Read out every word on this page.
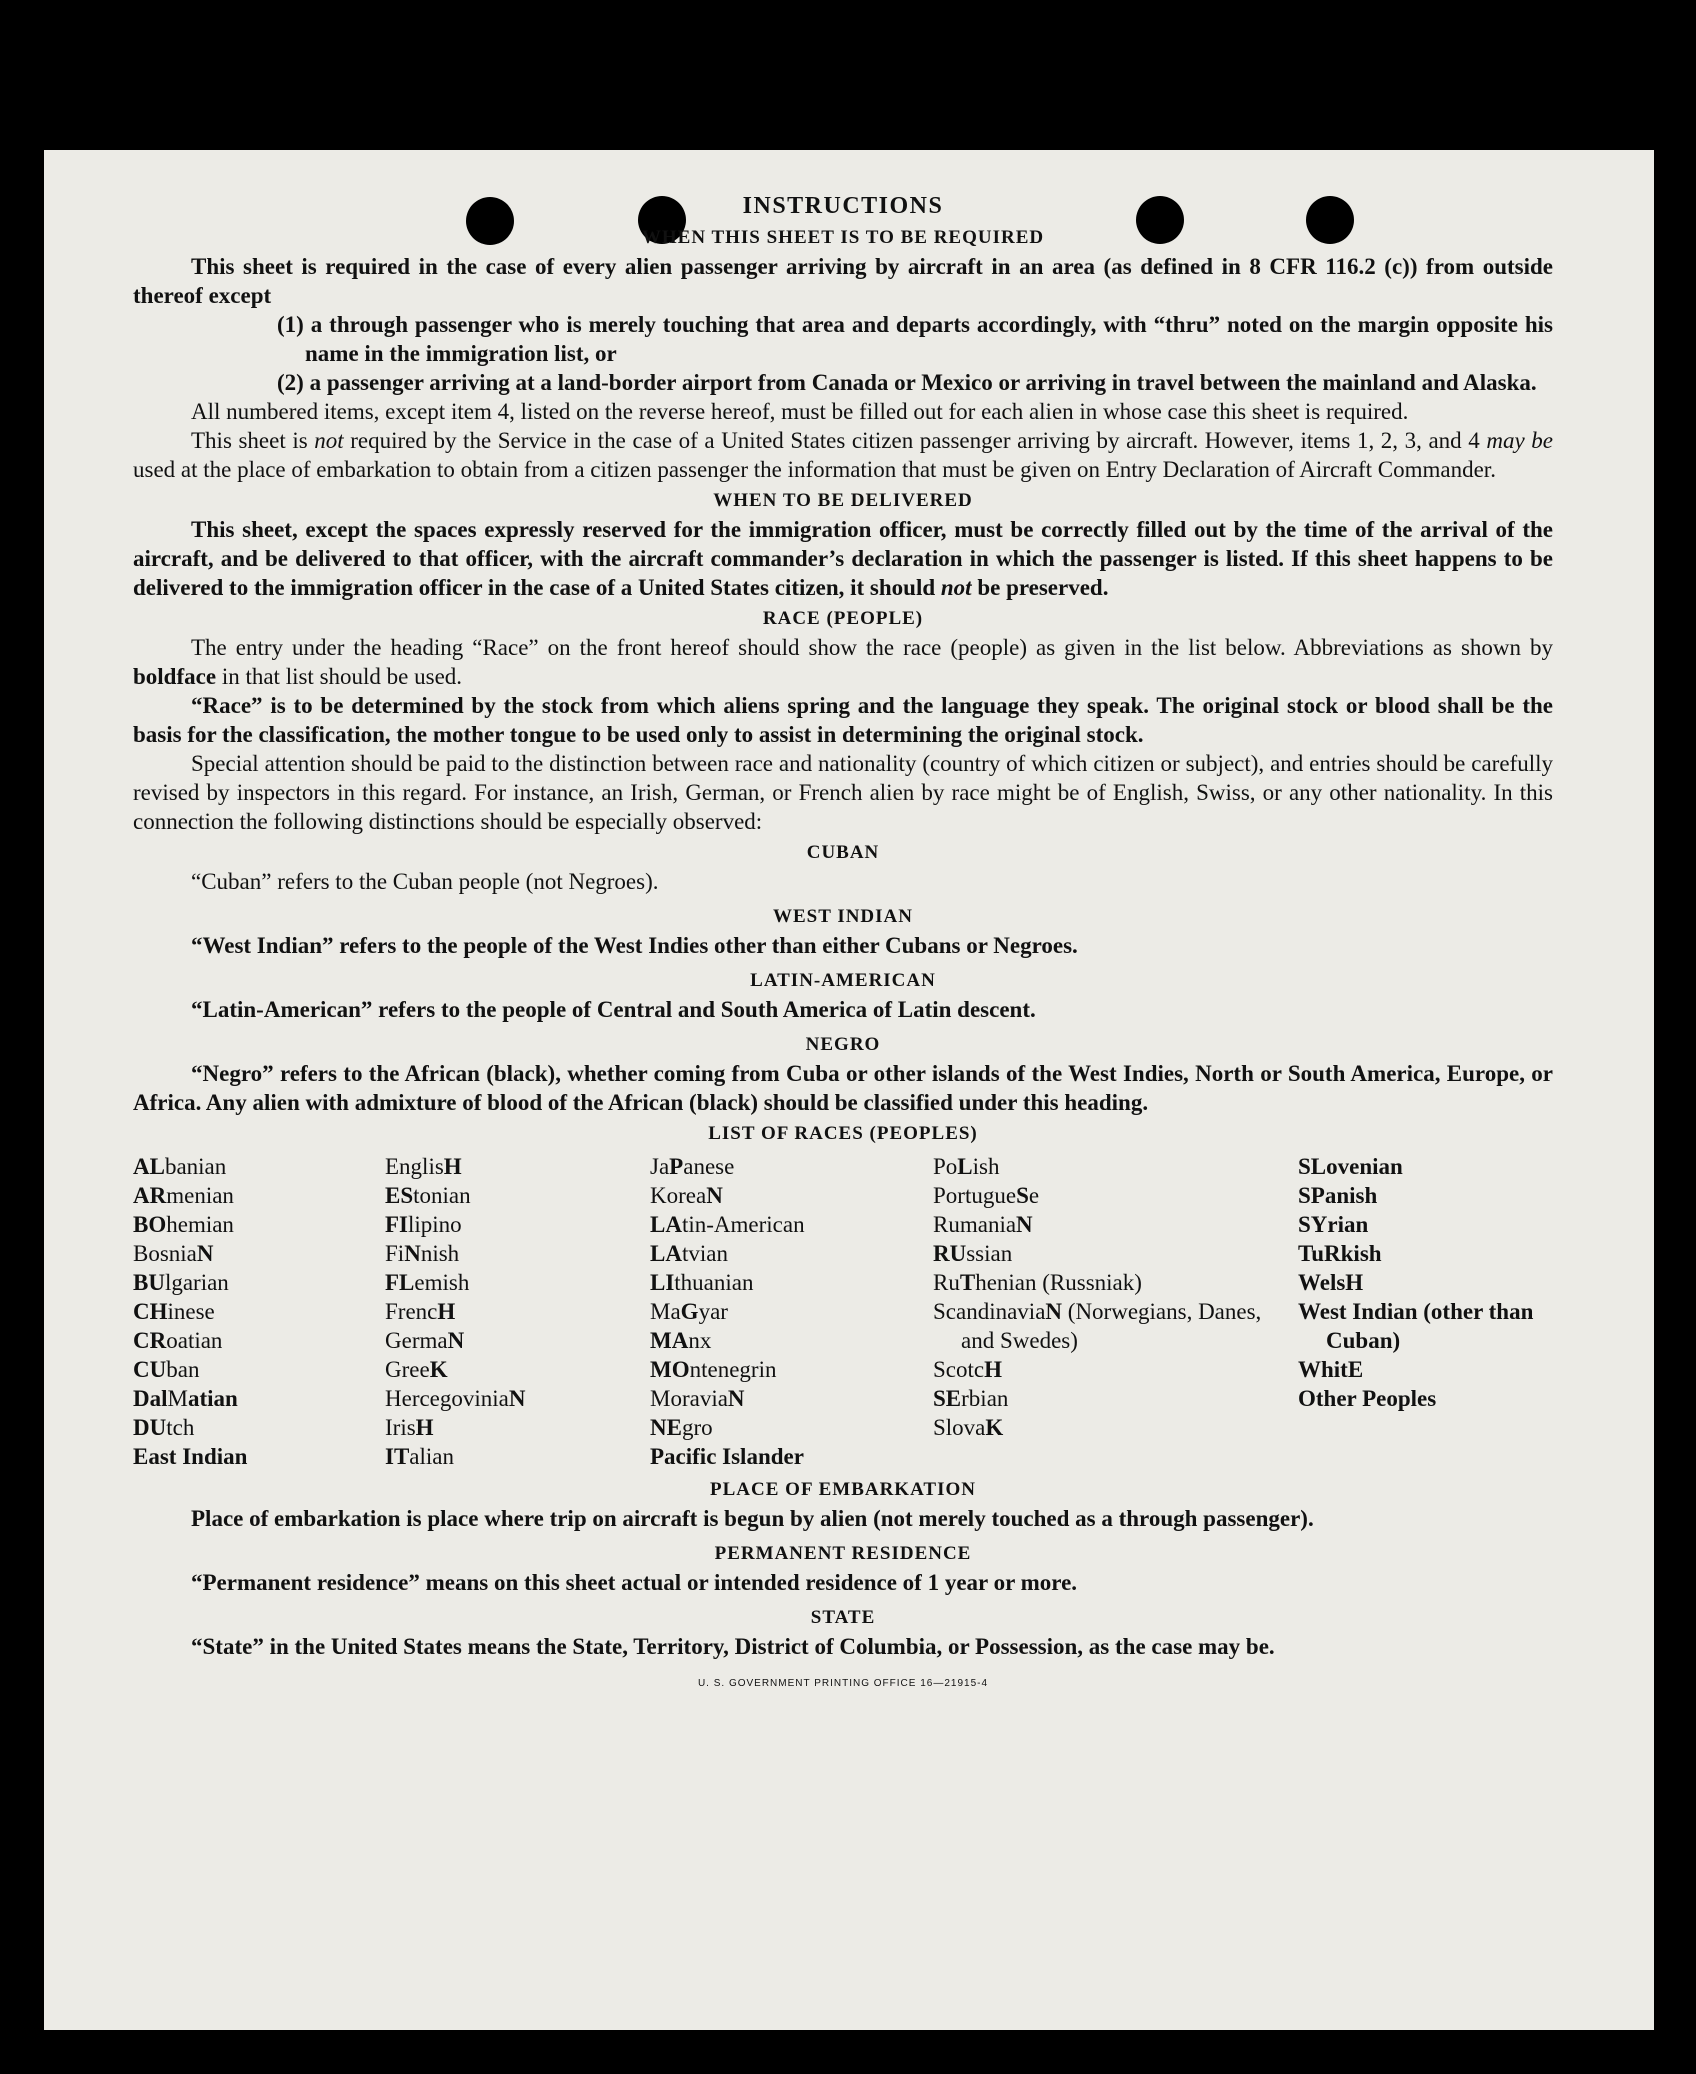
INSTRUCTIONS
WHEN THIS SHEET IS TO BE REQUIRED

This sheet is required in the case of every alien passenger arriving by aircraft in an area (as defined in 8 CFR 116.2 (c)) from outside thereof except

(1) a through passenger who is merely touching that area and departs accordingly, with “thru” noted on the margin opposite his name in the immigration list, or

(2) a passenger arriving at a land-border airport from Canada or Mexico or arriving in travel between the mainland and Alaska.

All numbered items, except item 4, listed on the reverse hereof, must be filled out for each alien in whose case this sheet is required.

This sheet is not required by the Service in the case of a United States citizen passenger arriving by aircraft. However, items 1, 2, 3, and 4 may be used at the place of embarkation to obtain from a citizen passenger the information that must be given on Entry Declaration of Aircraft Commander.

WHEN TO BE DELIVERED

This sheet, except the spaces expressly reserved for the immigration officer, must be correctly filled out by the time of the arrival of the aircraft, and be delivered to that officer, with the aircraft commander’s declaration in which the passenger is listed. If this sheet happens to be delivered to the immigration officer in the case of a United States citizen, it should not be preserved.

RACE (PEOPLE)

The entry under the heading “Race” on the front hereof should show the race (people) as given in the list below. Abbreviations as shown by boldface in that list should be used.

“Race” is to be determined by the stock from which aliens spring and the language they speak. The original stock or blood shall be the basis for the classification, the mother tongue to be used only to assist in determining the original stock.

Special attention should be paid to the distinction between race and nationality (country of which citizen or subject), and entries should be carefully revised by inspectors in this regard. For instance, an Irish, German, or French alien by race might be of English, Swiss, or any other nationality. In this connection the following distinctions should be especially observed:

CUBAN

“Cuban” refers to the Cuban people (not Negroes).

WEST INDIAN

“West Indian” refers to the people of the West Indies other than either Cubans or Negroes.

LATIN-AMERICAN

“Latin-American” refers to the people of Central and South America of Latin descent.

NEGRO

“Negro” refers to the African (black), whether coming from Cuba or other islands of the West Indies, North or South America, Europe, or Africa. Any alien with admixture of blood of the African (black) should be classified under this heading.

LIST OF RACES (PEOPLES)
ALbanian
ARmenian
BOhemian
BosniaN
BUlgarian
CHinese
CRoatian
CUban
DalMatian
DUtch
East Indian
EnglisH
EStonian
FIlipino
FiNnish
FLemish
FrencH
GermaN
GreeK
HercegoviniaN
IrisH
ITalian
JaPanese
KoreaN
LAtin-American
LAtvian
LIthuanian
MaGyar
MAnx
MOntenegrin
MoraviaN
NEgro
Pacific Islander
PoLish
PortugueSe
RumaniaN
RUssian
RuThenian (Russniak)
ScandinaviaN (Norwegians, Danes, and Swedes)
ScotcH
SErbian
SlovaK
SLovenian
SPanish
SYrian
TuRkish
WelsH
West Indian (other than Cuban)
WhitE
Other Peoples
PLACE OF EMBARKATION

Place of embarkation is place where trip on aircraft is begun by alien (not merely touched as a through passenger).

PERMANENT RESIDENCE

“Permanent residence” means on this sheet actual or intended residence of 1 year or more.

STATE

“State” in the United States means the State, Territory, District of Columbia, or Possession, as the case may be.

U. S. GOVERNMENT PRINTING OFFICE 16—21915-4
